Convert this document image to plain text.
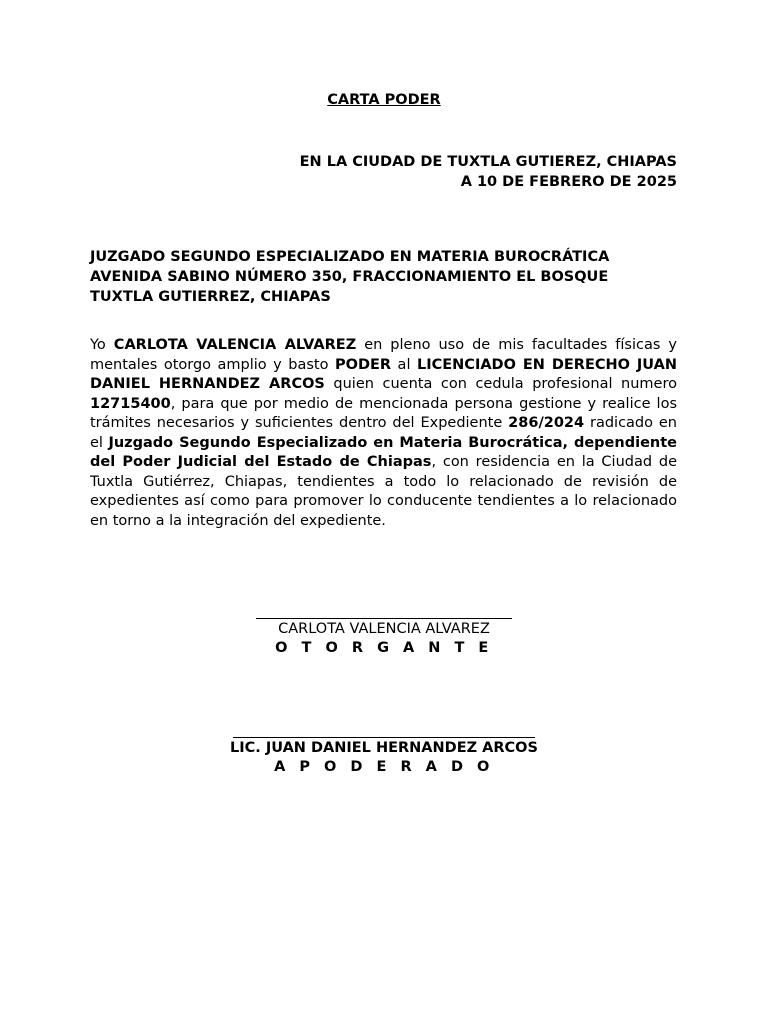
CARTA PODER
EN LA CIUDAD DE TUXTLA GUTIEREZ, CHIAPAS
A 10 DE FEBRERO DE 2025
JUZGADO SEGUNDO ESPECIALIZADO EN MATERIA BUROCRÁTICA
AVENIDA SABINO NÚMERO 350, FRACCIONAMIENTO EL BOSQUE
TUXTLA GUTIERREZ, CHIAPAS
Yo CARLOTA VALENCIA ALVAREZ en pleno uso de mis facultades físicas y mentales otorgo amplio y basto PODER al LICENCIADO EN DERECHO JUAN DANIEL HERNANDEZ ARCOS quien cuenta con cedula profesional numero 12715400, para que por medio de mencionada persona gestione y realice los trámites necesarios y suficientes dentro del Expediente 286/2024 radicado en el Juzgado Segundo Especializado en Materia Burocrática, dependiente del Poder Judicial del Estado de Chiapas, con residencia en la Ciudad de Tuxtla Gutiérrez, Chiapas, tendientes a todo lo relacionado de revisión de expedientes así como para promover lo conducente tendientes a lo relacionado en torno a la integración del expediente.
CARLOTA VALENCIA ALVAREZ
O T O R G A N T E
LIC. JUAN DANIEL HERNANDEZ ARCOS
A P O D E R A D O
